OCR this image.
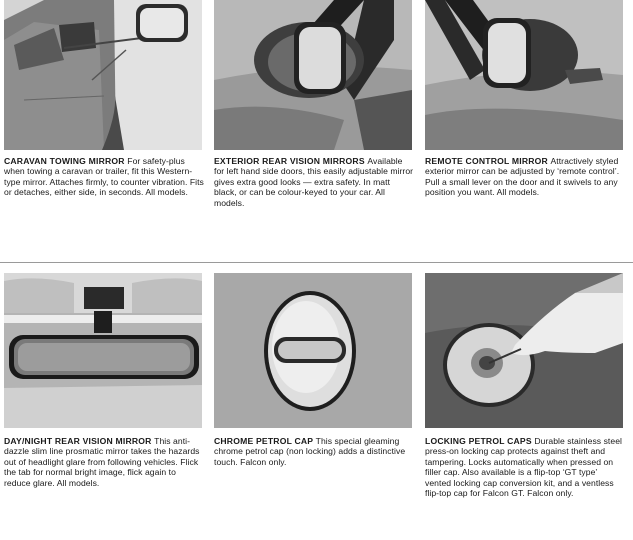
CARAVAN TOWING MIRROR For safety-plus when towing a caravan or trailer, fit this Western-type mirror. Attaches firmly, to counter vibration. Fits or detaches, either side, in seconds. All models.
EXTERIOR REAR VISION MIRRORS Available for left hand side doors, this easily adjustable mirror gives extra good looks — extra safety. In matt black, or can be colour-keyed to your car. All models.
REMOTE CONTROL MIRROR Attractively styled exterior mirror can be adjusted by ‘remote control’. Pull a small lever on the door and it swivels to any position you want. All models.
DAY/NIGHT REAR VISION MIRROR This anti-dazzle slim line prosmatic mirror takes the hazards out of headlight glare from following vehicles. Flick the tab for normal bright image, flick again to reduce glare. All models.
CHROME PETROL CAP This special gleaming chrome petrol cap (non locking) adds a distinctive touch. Falcon only.
LOCKING PETROL CAPS Durable stainless steel press-on locking cap protects against theft and tampering. Locks automatically when pressed on filler cap. Also available is a flip-top ‘GT type’ vented locking cap conversion kit, and a ventless flip-top cap for Falcon GT. Falcon only.
